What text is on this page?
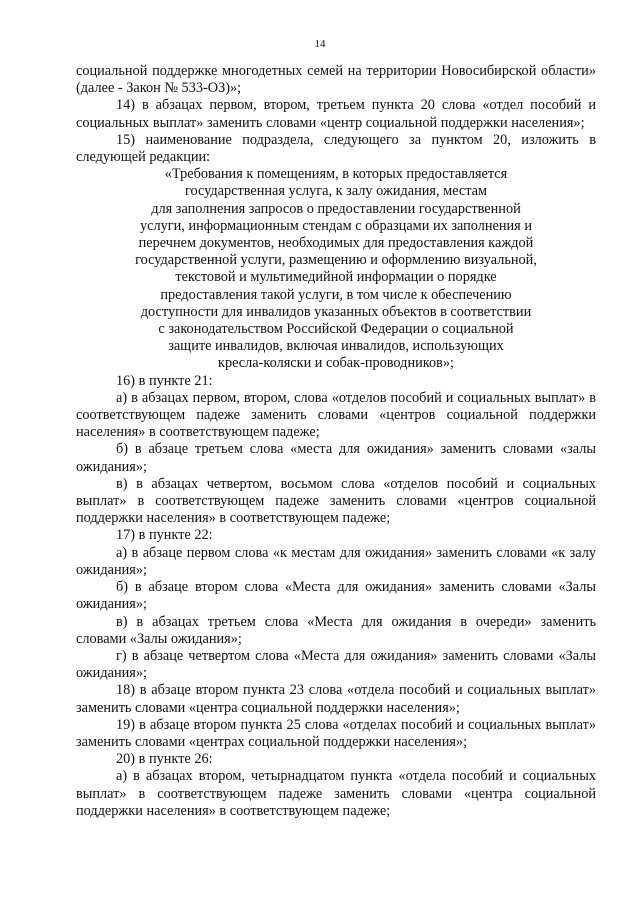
14

социальной поддержке многодетных семей на территории Новосибирской области» (далее - Закон № 533-ОЗ)»;

14) в абзацах первом, втором, третьем пункта 20 слова «отдел пособий и социальных выплат» заменить словами «центр социальной поддержки населения»;

15) наименование подраздела, следующего за пунктом 20, изложить в следующей редакции:

«Требования к помещениям, в которых предоставляется
государственная услуга, к залу ожидания, местам
для заполнения запросов о предоставлении государственной
услуги, информационным стендам с образцами их заполнения и
перечнем документов, необходимых для предоставления каждой
государственной услуги, размещению и оформлению визуальной,
текстовой и мультимедийной информации о порядке
предоставления такой услуги, в том числе к обеспечению
доступности для инвалидов указанных объектов в соответствии
с законодательством Российской Федерации о социальной
защите инвалидов, включая инвалидов, использующих
кресла-коляски и собак-проводников»;

16) в пункте 21:

а) в абзацах первом, втором, слова «отделов пособий и социальных выплат» в соответствующем падеже заменить словами «центров социальной поддержки населения» в соответствующем падеже;

б) в абзаце третьем слова «места для ожидания» заменить словами «залы ожидания»;

в) в абзацах четвертом, восьмом слова «отделов пособий и социальных выплат» в соответствующем падеже заменить словами «центров социальной поддержки населения» в соответствующем падеже;

17) в пункте 22:

а) в абзаце первом слова «к местам для ожидания» заменить словами «к залу ожидания»;

б) в абзаце втором слова «Места для ожидания» заменить словами «Залы ожидания»;

в) в абзацах третьем слова «Места для ожидания в очереди» заменить словами «Залы ожидания»;

г) в абзаце четвертом слова «Места для ожидания» заменить словами «Залы ожидания»;

18) в абзаце втором пункта 23 слова «отдела пособий и социальных выплат» заменить словами «центра социальной поддержки населения»;

19) в абзаце втором пункта 25 слова «отделах пособий и социальных выплат» заменить словами «центрах социальной поддержки населения»;

20) в пункте 26:

а) в абзацах втором, четырнадцатом пункта «отдела пособий и социальных выплат» в соответствующем падеже заменить словами «центра социальной поддержки населения» в соответствующем падеже;
